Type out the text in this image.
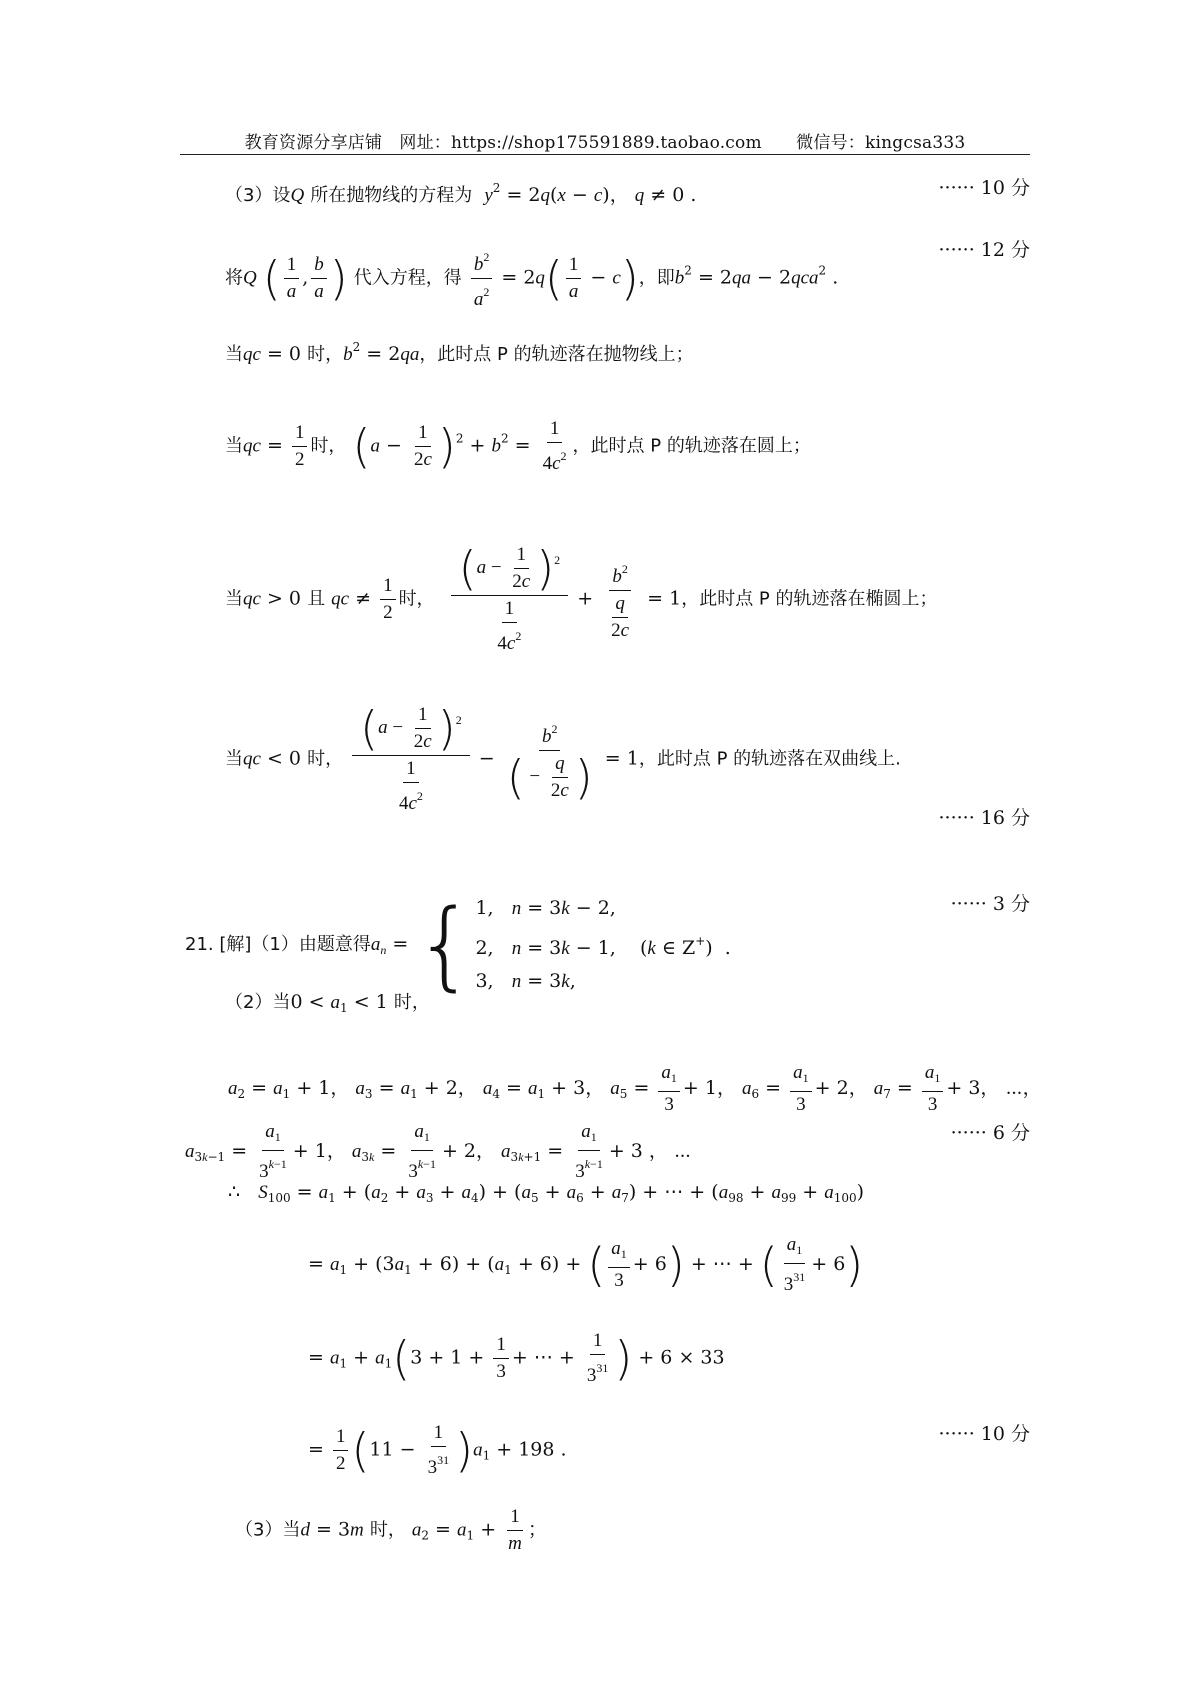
教育资源分享店铺　网址：https://shop175591889.taobao.com　　微信号：kingcsa333
（3）设Q 所在抛物线的方程为 $y^2 = 2q(x - c)$， q ≠ 0 .	······ 10 分
将Q ( $\frac{1}{a}$ , $\frac{b}{a}$ ) 代入方程，得 $\frac{b^2}{a^2} = 2q( \frac{1}{a} - c)$，即$b^2 = 2qa - 2qca^2$ .
······ 12 分
当qc = 0 时，$b^2 = 2qa$，此时点 P 的轨迹落在抛物线上；
当qc = $\frac{1}{2}$ 时， $(a - \frac{1}{2c} )^2 + b^2 = \frac{1}{4c^2}$ ，此时点 P 的轨迹落在圆上；
当qc > 0 且 qc ≠ $\frac{1}{2}$ 时， $\frac{(a - \frac{1}{2c} )^2}{\frac{1}{4c^2}} + \frac{b^2}{\frac{q}{2c}} = 1$，此时点 P 的轨迹落在椭圆上；
当qc < 0 时， $\frac{(a - \frac{1}{2c} )^2}{\frac{1}{4c^2}} - \frac{b^2}{( - \frac{q}{2c} )} = 1$，此时点 P 的轨迹落在双曲线上.
······ 16 分
21. [解]（1）由题意得$a_n$ = { 1,   n = 3k − 2,
2,   n = 3k − 1,    (k ∈ Z+)  .
3,   n = 3k,
······ 3 分
（2）当$0 < a_1 < 1$ 时，
$a_2 = a_1 + 1$， $a_3 = a_1 + 2$， $a_4 = a_1 + 3$， $a_5 = \frac{a_1}{3} + 1$， $a_6 = \frac{a_1}{3} + 2$， $a_7 = \frac{a_1}{3} + 3$， ⋯，
$a_{3k-1} = \frac{a_1}{3^{k-1}} + 1$， $a_{3k} = \frac{a_1}{3^{k-1}} + 2$， $a_{3k+1} = \frac{a_1}{3^{k-1}} + 3$ ， ⋯
······ 6 分
∴ $S_{100} = a_1 + (a_2 + a_3 + a_4) + (a_5 + a_6 + a_7)$ + ⋯ + $(a_{98} + a_{99} + a_{100})$
= $a_1 + (3a_1 + 6) + (a_1 + 6)$ + ( $\frac{a_1}{3} + 6$) + ⋯ + ( $\frac{a_1}{3^{31}} + 6$)
= $a_1 + a_1(3 + 1 + \frac{1}{3}$ + ⋯ + $\frac{1}{3^{31}}$ ) + 6 × 33
= $\frac{1}{2} (11 - \frac{1}{3^{31}} )a_1 + 198$ .
······ 10 分
（3）当d = 3m 时， $a_2 = a_1 + \frac{1}{m}$ ；
